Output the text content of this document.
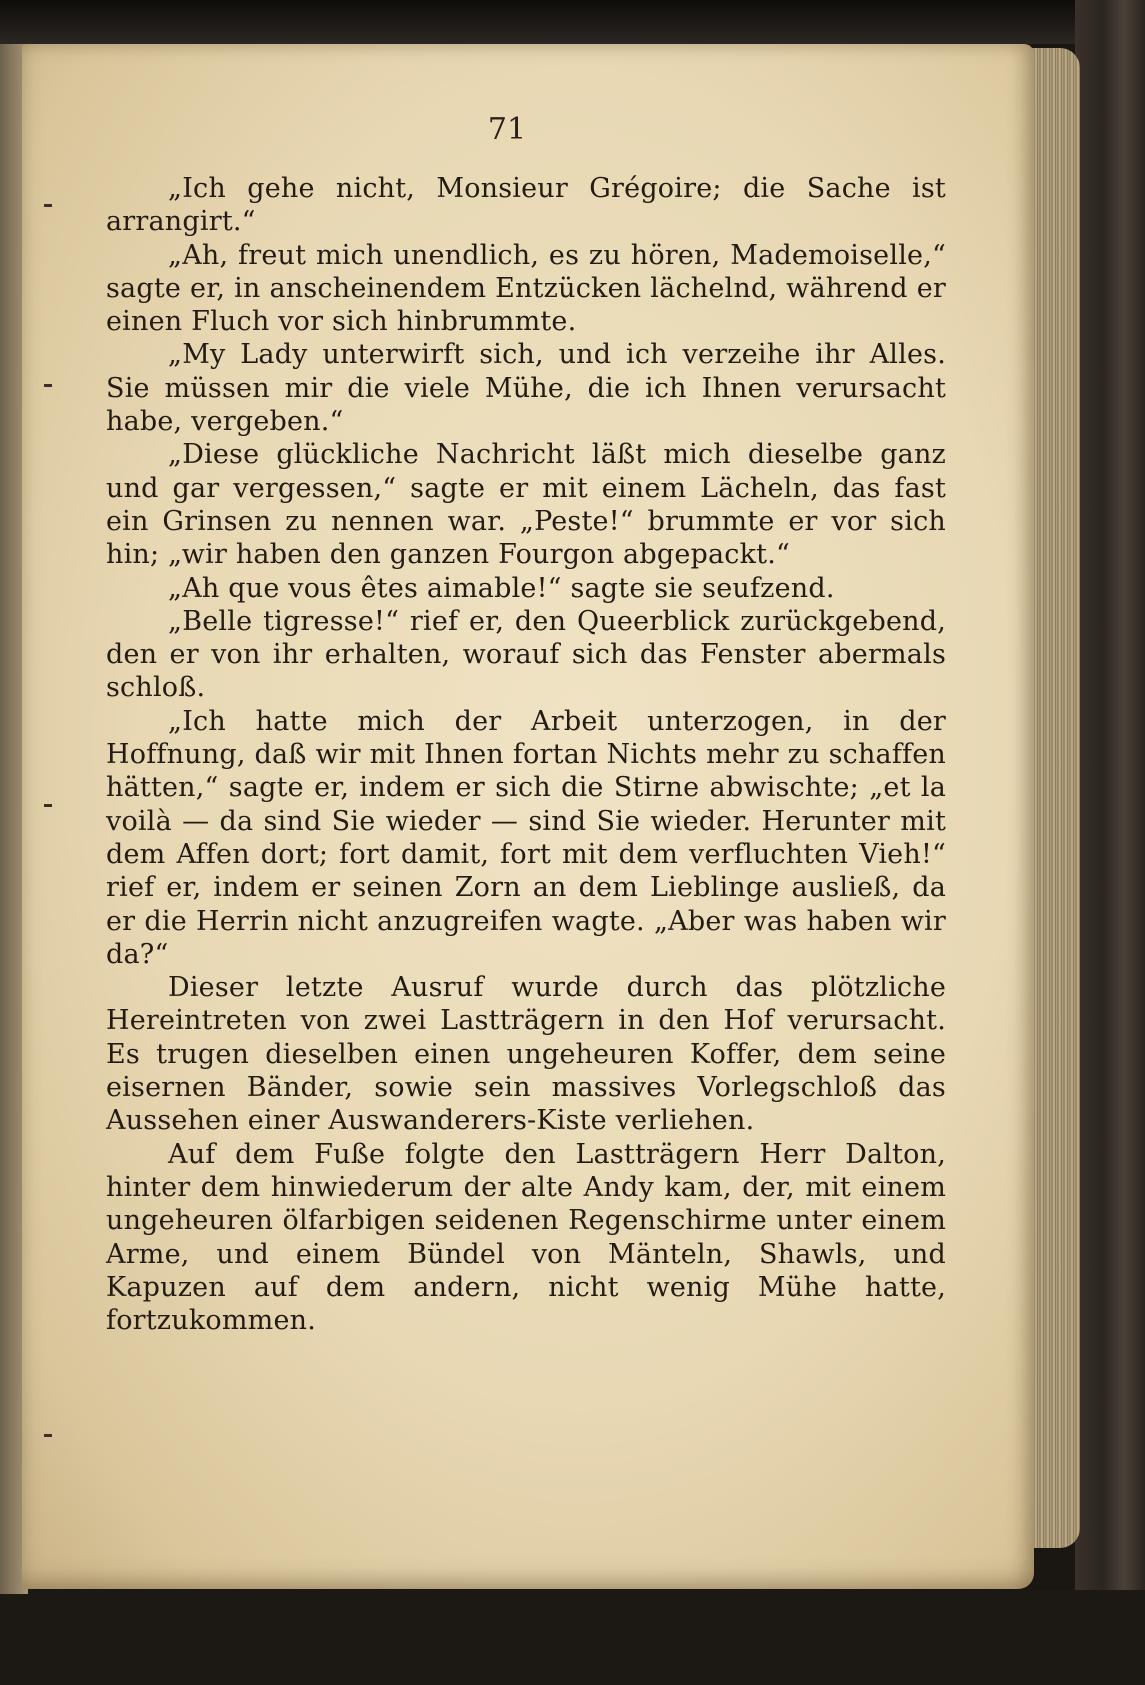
71

„Ich gehe nicht, Monsieur Grégoire; die Sache ist arrangirt.“

„Ah, freut mich unendlich, es zu hören, Mademoiselle,“ sagte er, in anscheinendem Entzücken lächelnd, während er einen Fluch vor sich hinbrummte.

„My Lady unterwirft sich, und ich verzeihe ihr Alles. Sie müssen mir die viele Mühe, die ich Ihnen verursacht habe, vergeben.“

„Diese glückliche Nachricht läßt mich dieselbe ganz und gar vergessen,“ sagte er mit einem Lächeln, das fast ein Grinsen zu nennen war. „Peste!“ brummte er vor sich hin; „wir haben den ganzen Fourgon abgepackt.“

„Ah que vous êtes aimable!“ sagte sie seufzend.

„Belle tigresse!“ rief er, den Queerblick zurückgebend, den er von ihr erhalten, worauf sich das Fenster abermals schloß.

„Ich hatte mich der Arbeit unterzogen, in der Hoffnung, daß wir mit Ihnen fortan Nichts mehr zu schaffen hätten,“ sagte er, indem er sich die Stirne abwischte; „et la voilà — da sind Sie wieder — sind Sie wieder. Herunter mit dem Affen dort; fort damit, fort mit dem verfluchten Vieh!“ rief er, indem er seinen Zorn an dem Lieblinge ausließ, da er die Herrin nicht anzugreifen wagte. „Aber was haben wir da?“

Dieser letzte Ausruf wurde durch das plötzliche Hereintreten von zwei Lastträgern in den Hof verursacht. Es trugen dieselben einen ungeheuren Koffer, dem seine eisernen Bänder, sowie sein massives Vorlegschloß das Aussehen einer Auswanderers-Kiste verliehen.

Auf dem Fuße folgte den Lastträgern Herr Dalton, hinter dem hinwiederum der alte Andy kam, der, mit einem ungeheuren ölfarbigen seidenen Regenschirme unter einem Arme, und einem Bündel von Mänteln, Shawls, und Kapuzen auf dem andern, nicht wenig Mühe hatte, fortzukommen.
